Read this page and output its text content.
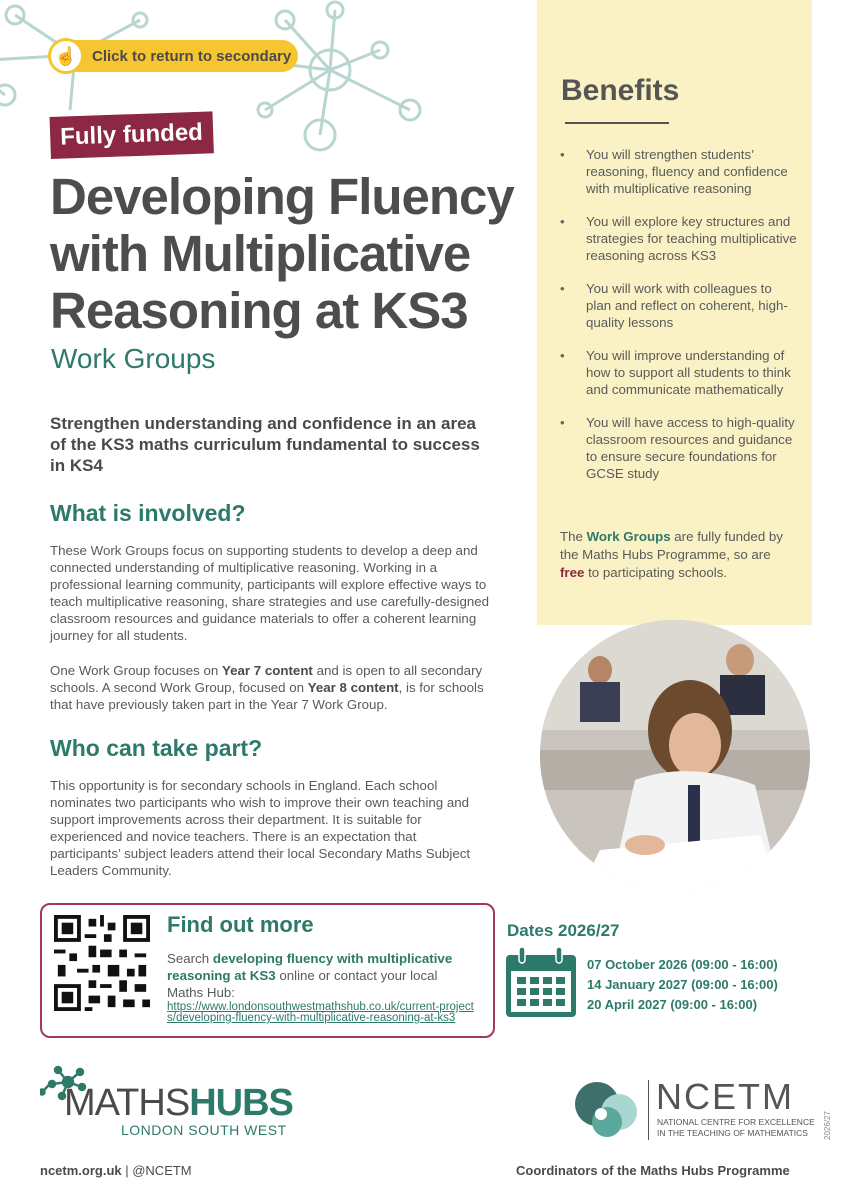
☝ Click to return to secondary
Fully funded
Developing Fluency with Multiplicative Reasoning at KS3
Work Groups
Strengthen understanding and confidence in an area of the KS3 maths curriculum fundamental to success in KS4
What is involved?
These Work Groups focus on supporting students to develop a deep and connected understanding of multiplicative reasoning. Working in a professional learning community, participants will explore effective ways to teach multiplicative reasoning, share strategies and use carefully-designed classroom resources and guidance materials to offer a coherent learning journey for all students.
One Work Group focuses on Year 7 content and is open to all secondary schools. A second Work Group, focused on Year 8 content, is for schools that have previously taken part in the Year 7 Work Group.
Who can take part?
This opportunity is for secondary schools in England. Each school nominates two participants who wish to improve their own teaching and support improvements across their department. It is suitable for experienced and novice teachers. There is an expectation that participants’ subject leaders attend their local Secondary Maths Subject Leaders Community.
Benefits
• You will strengthen students’ reasoning, fluency and confidence with multiplicative reasoning
• You will explore key structures and strategies for teaching multiplicative reasoning across KS3
• You will work with colleagues to plan and reflect on coherent, high-quality lessons
• You will improve understanding of how to support all students to think and communicate mathematically
• You will have access to high-quality classroom resources and guidance to ensure secure foundations for GCSE study
The Work Groups are fully funded by the Maths Hubs Programme, so are free to participating schools.
Find out more
Search developing fluency with multiplicative reasoning at KS3 online or contact your local Maths Hub:
https://www.londonsouthwestmathshub.co.uk/current-projects/developing-fluency-with-multiplicative-reasoning-at-ks3
Dates 2026/27
07 October 2026 (09:00 - 16:00)
14 January 2027 (09:00 - 16:00)
20 April 2027 (09:00 - 16:00)
MATHSHUBS
LONDON SOUTH WEST
NCETM
NATIONAL CENTRE FOR EXCELLENCE
IN THE TEACHING OF MATHEMATICS
ncetm.org.uk | @NCETM	Coordinators of the Maths Hubs Programme
2026/27
